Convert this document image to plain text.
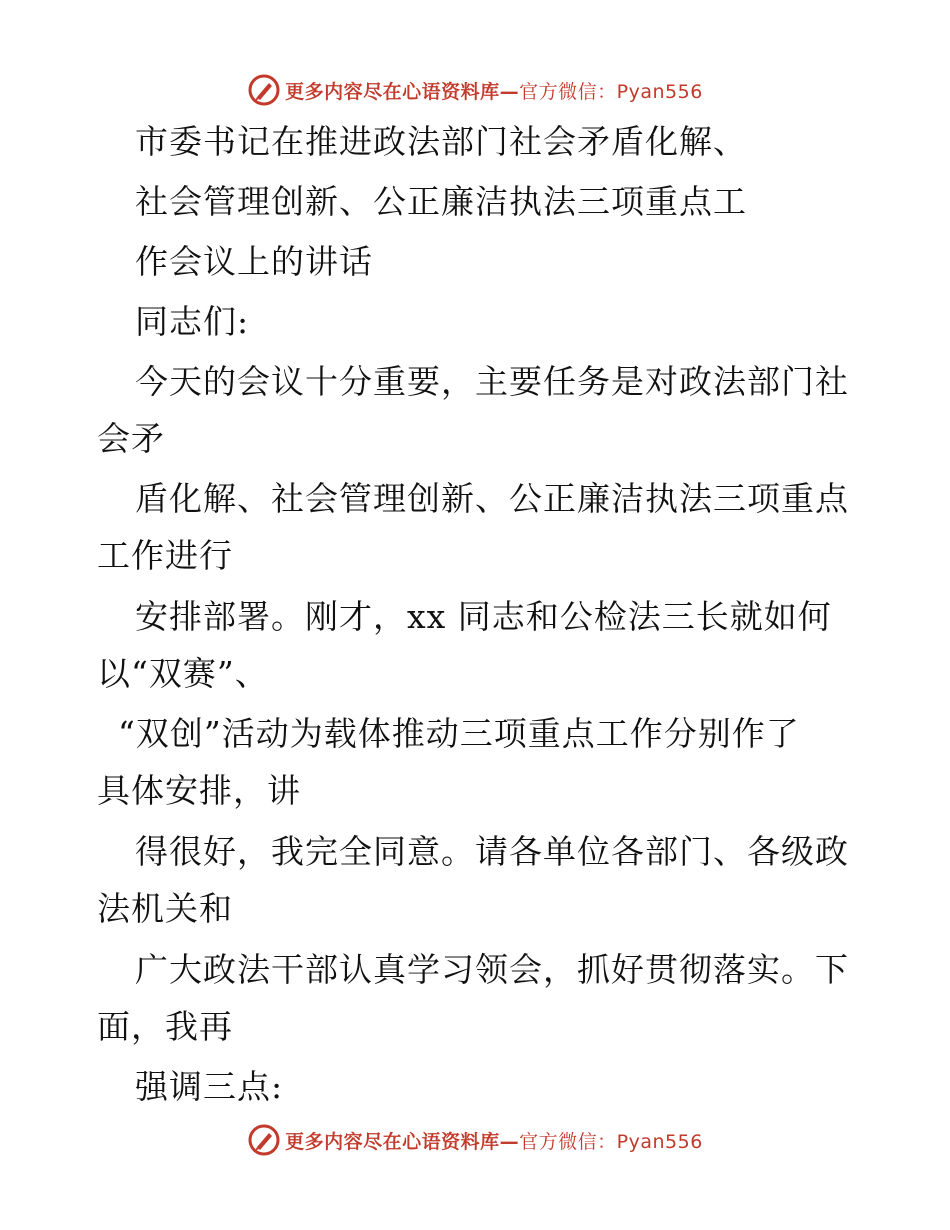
更多内容尽在心语资料库—官方微信：Pyan556
市委书记在推进政法部门社会矛盾化解、
社会管理创新、公正廉洁执法三项重点工
作会议上的讲话
同志们:
今天的会议十分重要，主要任务是对政法部门社
会矛
盾化解、社会管理创新、公正廉洁执法三项重点
工作进行
安排部署。刚才，xx 同志和公检法三长就如何
以“双赛”、
“双创”活动为载体推动三项重点工作分别作了
具体安排，讲
得很好，我完全同意。请各单位各部门、各级政
法机关和
广大政法干部认真学习领会，抓好贯彻落实。下
面，我再
强调三点:
更多内容尽在心语资料库—官方微信：Pyan556
